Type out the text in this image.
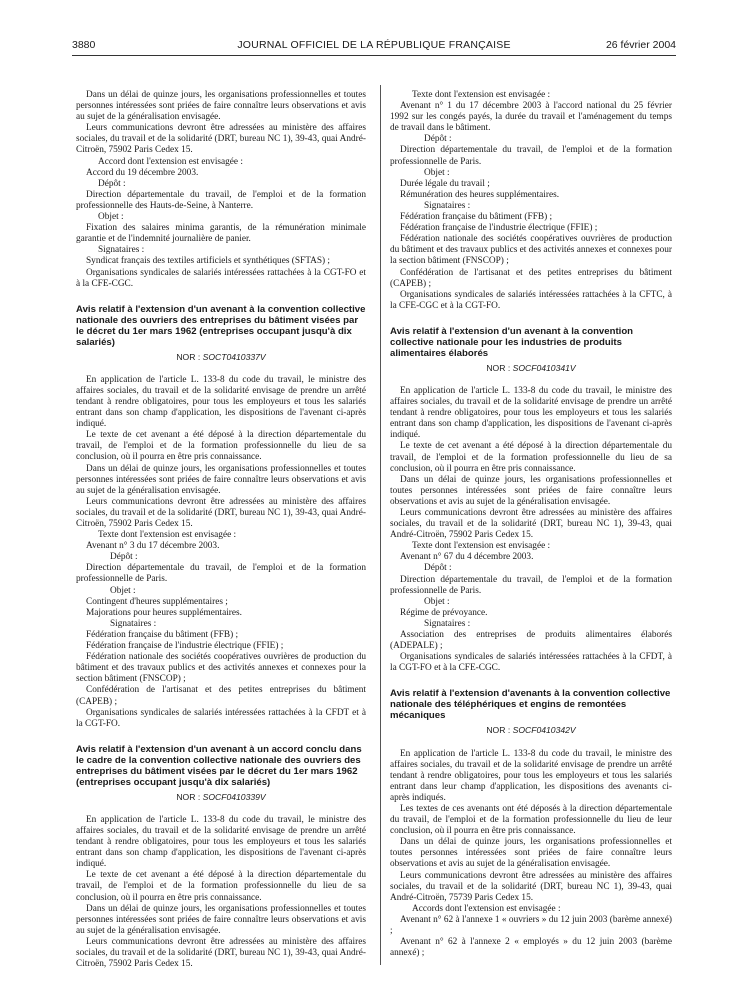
3880	JOURNAL OFFICIEL DE LA RÉPUBLIQUE FRANÇAISE	26 février 2004

Dans un délai de quinze jours, les organisations professionnelles et toutes personnes intéressées sont priées de faire connaître leurs observations et avis au sujet de la généralisation envisagée.

Leurs communications devront être adressées au ministère des affaires sociales, du travail et de la solidarité (DRT, bureau NC 1), 39-43, quai André-Citroën, 75902 Paris Cedex 15.

Accord dont l'extension est envisagée :

Accord du 19 décembre 2003.

Dépôt :

Direction départementale du travail, de l'emploi et de la formation professionnelle des Hauts-de-Seine, à Nanterre.

Objet :

Fixation des salaires minima garantis, de la rémunération minimale garantie et de l'indemnité journalière de panier.

Signataires :

Syndicat français des textiles artificiels et synthétiques (SFTAS) ;

Organisations syndicales de salariés intéressées rattachées à la CGT-FO et à la CFE-CGC.

Avis relatif à l'extension d'un avenant à la convention collective nationale des ouvriers des entreprises du bâtiment visées par le décret du 1er mars 1962 (entreprises occupant jusqu'à dix salariés)
NOR : SOCT0410337V

En application de l'article L. 133-8 du code du travail, le ministre des affaires sociales, du travail et de la solidarité envisage de prendre un arrêté tendant à rendre obligatoires, pour tous les employeurs et tous les salariés entrant dans son champ d'application, les dispositions de l'avenant ci-après indiqué.

Le texte de cet avenant a été déposé à la direction départementale du travail, de l'emploi et de la formation professionnelle du lieu de sa conclusion, où il pourra en être pris connaissance.

Dans un délai de quinze jours, les organisations professionnelles et toutes personnes intéressées sont priées de faire connaître leurs observations et avis au sujet de la généralisation envisagée.

Leurs communications devront être adressées au ministère des affaires sociales, du travail et de la solidarité (DRT, bureau NC 1), 39-43, quai André-Citroën, 75902 Paris Cedex 15.

Texte dont l'extension est envisagée :

Avenant n° 3 du 17 décembre 2003.

Dépôt :

Direction départementale du travail, de l'emploi et de la formation professionnelle de Paris.

Objet :

Contingent d'heures supplémentaires ;

Majorations pour heures supplémentaires.

Signataires :

Fédération française du bâtiment (FFB) ;

Fédération française de l'industrie électrique (FFIE) ;

Fédération nationale des sociétés coopératives ouvrières de production du bâtiment et des travaux publics et des activités annexes et connexes pour la section bâtiment (FNSCOP) ;

Confédération de l'artisanat et des petites entreprises du bâtiment (CAPEB) ;

Organisations syndicales de salariés intéressées rattachées à la CFDT et à la CGT-FO.

Avis relatif à l'extension d'un avenant à un accord conclu dans le cadre de la convention collective nationale des ouvriers des entreprises du bâtiment visées par le décret du 1er mars 1962 (entreprises occupant jusqu'à dix salariés)
NOR : SOCF0410339V

En application de l'article L. 133-8 du code du travail, le ministre des affaires sociales, du travail et de la solidarité envisage de prendre un arrêté tendant à rendre obligatoires, pour tous les employeurs et tous les salariés entrant dans son champ d'application, les dispositions de l'avenant ci-après indiqué.

Le texte de cet avenant a été déposé à la direction départementale du travail, de l'emploi et de la formation professionnelle du lieu de sa conclusion, où il pourra en être pris connaissance.

Dans un délai de quinze jours, les organisations professionnelles et toutes personnes intéressées sont priées de faire connaître leurs observations et avis au sujet de la généralisation envisagée.

Leurs communications devront être adressées au ministère des affaires sociales, du travail et de la solidarité (DRT, bureau NC 1), 39-43, quai André-Citroën, 75902 Paris Cedex 15.

Texte dont l'extension est envisagée :

Avenant n° 1 du 17 décembre 2003 à l'accord national du 25 février 1992 sur les congés payés, la durée du travail et l'aménagement du temps de travail dans le bâtiment.

Dépôt :

Direction départementale du travail, de l'emploi et de la formation professionnelle de Paris.

Objet :

Durée légale du travail ;

Rémunération des heures supplémentaires.

Signataires :

Fédération française du bâtiment (FFB) ;

Fédération française de l'industrie électrique (FFIE) ;

Fédération nationale des sociétés coopératives ouvrières de production du bâtiment et des travaux publics et des activités annexes et connexes pour la section bâtiment (FNSCOP) ;

Confédération de l'artisanat et des petites entreprises du bâtiment (CAPEB) ;

Organisations syndicales de salariés intéressées rattachées à la CFTC, à la CFE-CGC et à la CGT-FO.

Avis relatif à l'extension d'un avenant à la convention collective nationale pour les industries de produits alimentaires élaborés
NOR : SOCF0410341V

En application de l'article L. 133-8 du code du travail, le ministre des affaires sociales, du travail et de la solidarité envisage de prendre un arrêté tendant à rendre obligatoires, pour tous les employeurs et tous les salariés entrant dans son champ d'application, les dispositions de l'avenant ci-après indiqué.

Le texte de cet avenant a été déposé à la direction départementale du travail, de l'emploi et de la formation professionnelle du lieu de sa conclusion, où il pourra en être pris connaissance.

Dans un délai de quinze jours, les organisations professionnelles et toutes personnes intéressées sont priées de faire connaître leurs observations et avis au sujet de la généralisation envisagée.

Leurs communications devront être adressées au ministère des affaires sociales, du travail et de la solidarité (DRT, bureau NC 1), 39-43, quai André-Citroën, 75902 Paris Cedex 15.

Texte dont l'extension est envisagée :

Avenant n° 67 du 4 décembre 2003.

Dépôt :

Direction départementale du travail, de l'emploi et de la formation professionnelle de Paris.

Objet :

Régime de prévoyance.

Signataires :

Association des entreprises de produits alimentaires élaborés (ADEPALE) ;

Organisations syndicales de salariés intéressées rattachées à la CFDT, à la CGT-FO et à la CFE-CGC.

Avis relatif à l'extension d'avenants à la convention collective nationale des téléphériques et engins de remontées mécaniques
NOR : SOCF0410342V

En application de l'article L. 133-8 du code du travail, le ministre des affaires sociales, du travail et de la solidarité envisage de prendre un arrêté tendant à rendre obligatoires, pour tous les employeurs et tous les salariés entrant dans leur champ d'application, les dispositions des avenants ci-après indiqués.

Les textes de ces avenants ont été déposés à la direction départementale du travail, de l'emploi et de la formation professionnelle du lieu de leur conclusion, où il pourra en être pris connaissance.

Dans un délai de quinze jours, les organisations professionnelles et toutes personnes intéressées sont priées de faire connaître leurs observations et avis au sujet de la généralisation envisagée.

Leurs communications devront être adressées au ministère des affaires sociales, du travail et de la solidarité (DRT, bureau NC 1), 39-43, quai André-Citroën, 75739 Paris Cedex 15.

Accords dont l'extension est envisagée :

Avenant n° 62 à l'annexe 1 « ouvriers » du 12 juin 2003 (barème annexé) ;

Avenant n° 62 à l'annexe 2 « employés » du 12 juin 2003 (barème annexé) ;
